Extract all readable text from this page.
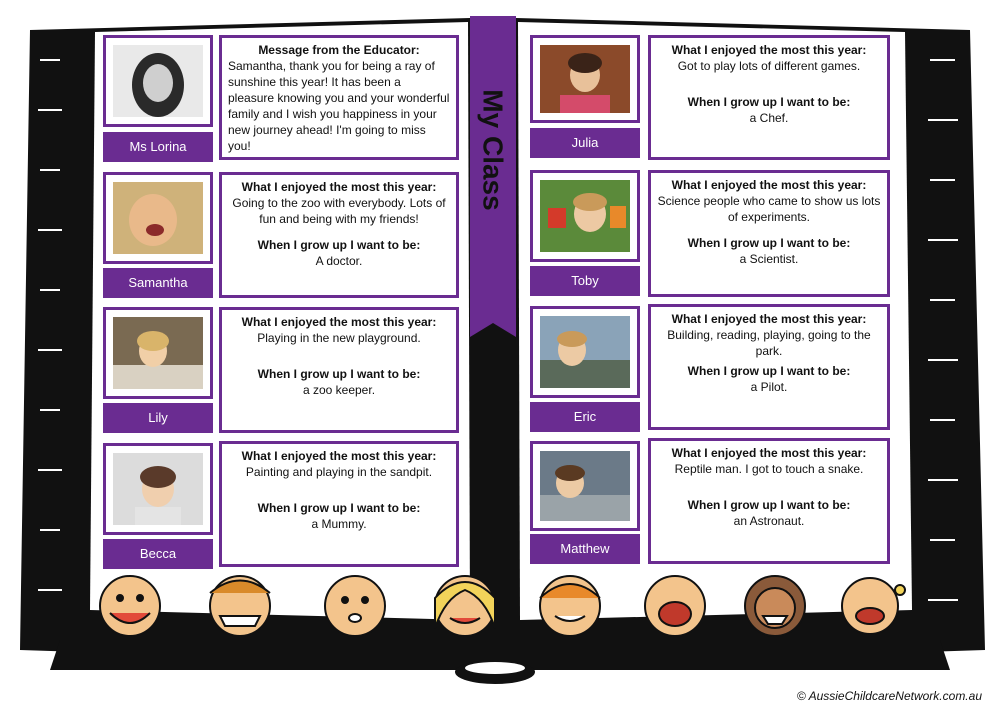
My Class
Ms Lorina
Message from the Educator:
Samantha, thank you for being a ray of sunshine this year! It has been a pleasure knowing you and your wonderful family and I wish you happiness in your new journey ahead! I'm going to miss you!
Samantha
What I enjoyed the most this year:
Going to the zoo with everybody. Lots of fun and being with my friends!
When I grow up I want to be:
A doctor.
Lily
What I enjoyed the most this year:
Playing in the new playground.
When I grow up I want to be:
a zoo keeper.
Becca
What I enjoyed the most this year:
Painting and playing in the sandpit.
When I grow up I want to be:
a Mummy.
Julia
What I enjoyed the most this year:
Got to play lots of different games.
When I grow up I want to be:
a Chef.
Toby
What I enjoyed the most this year:
Science people who came to show us lots of experiments.
When I grow up I want to be:
a Scientist.
Eric
What I enjoyed the most this year:
Building, reading, playing, going to the park.
When I grow up I want to be:
a Pilot.
Matthew
What I enjoyed the most this year:
Reptile man. I got to touch a snake.
When I grow up I want to be:
an Astronaut.
© AussieChildcareNetwork.com.au
